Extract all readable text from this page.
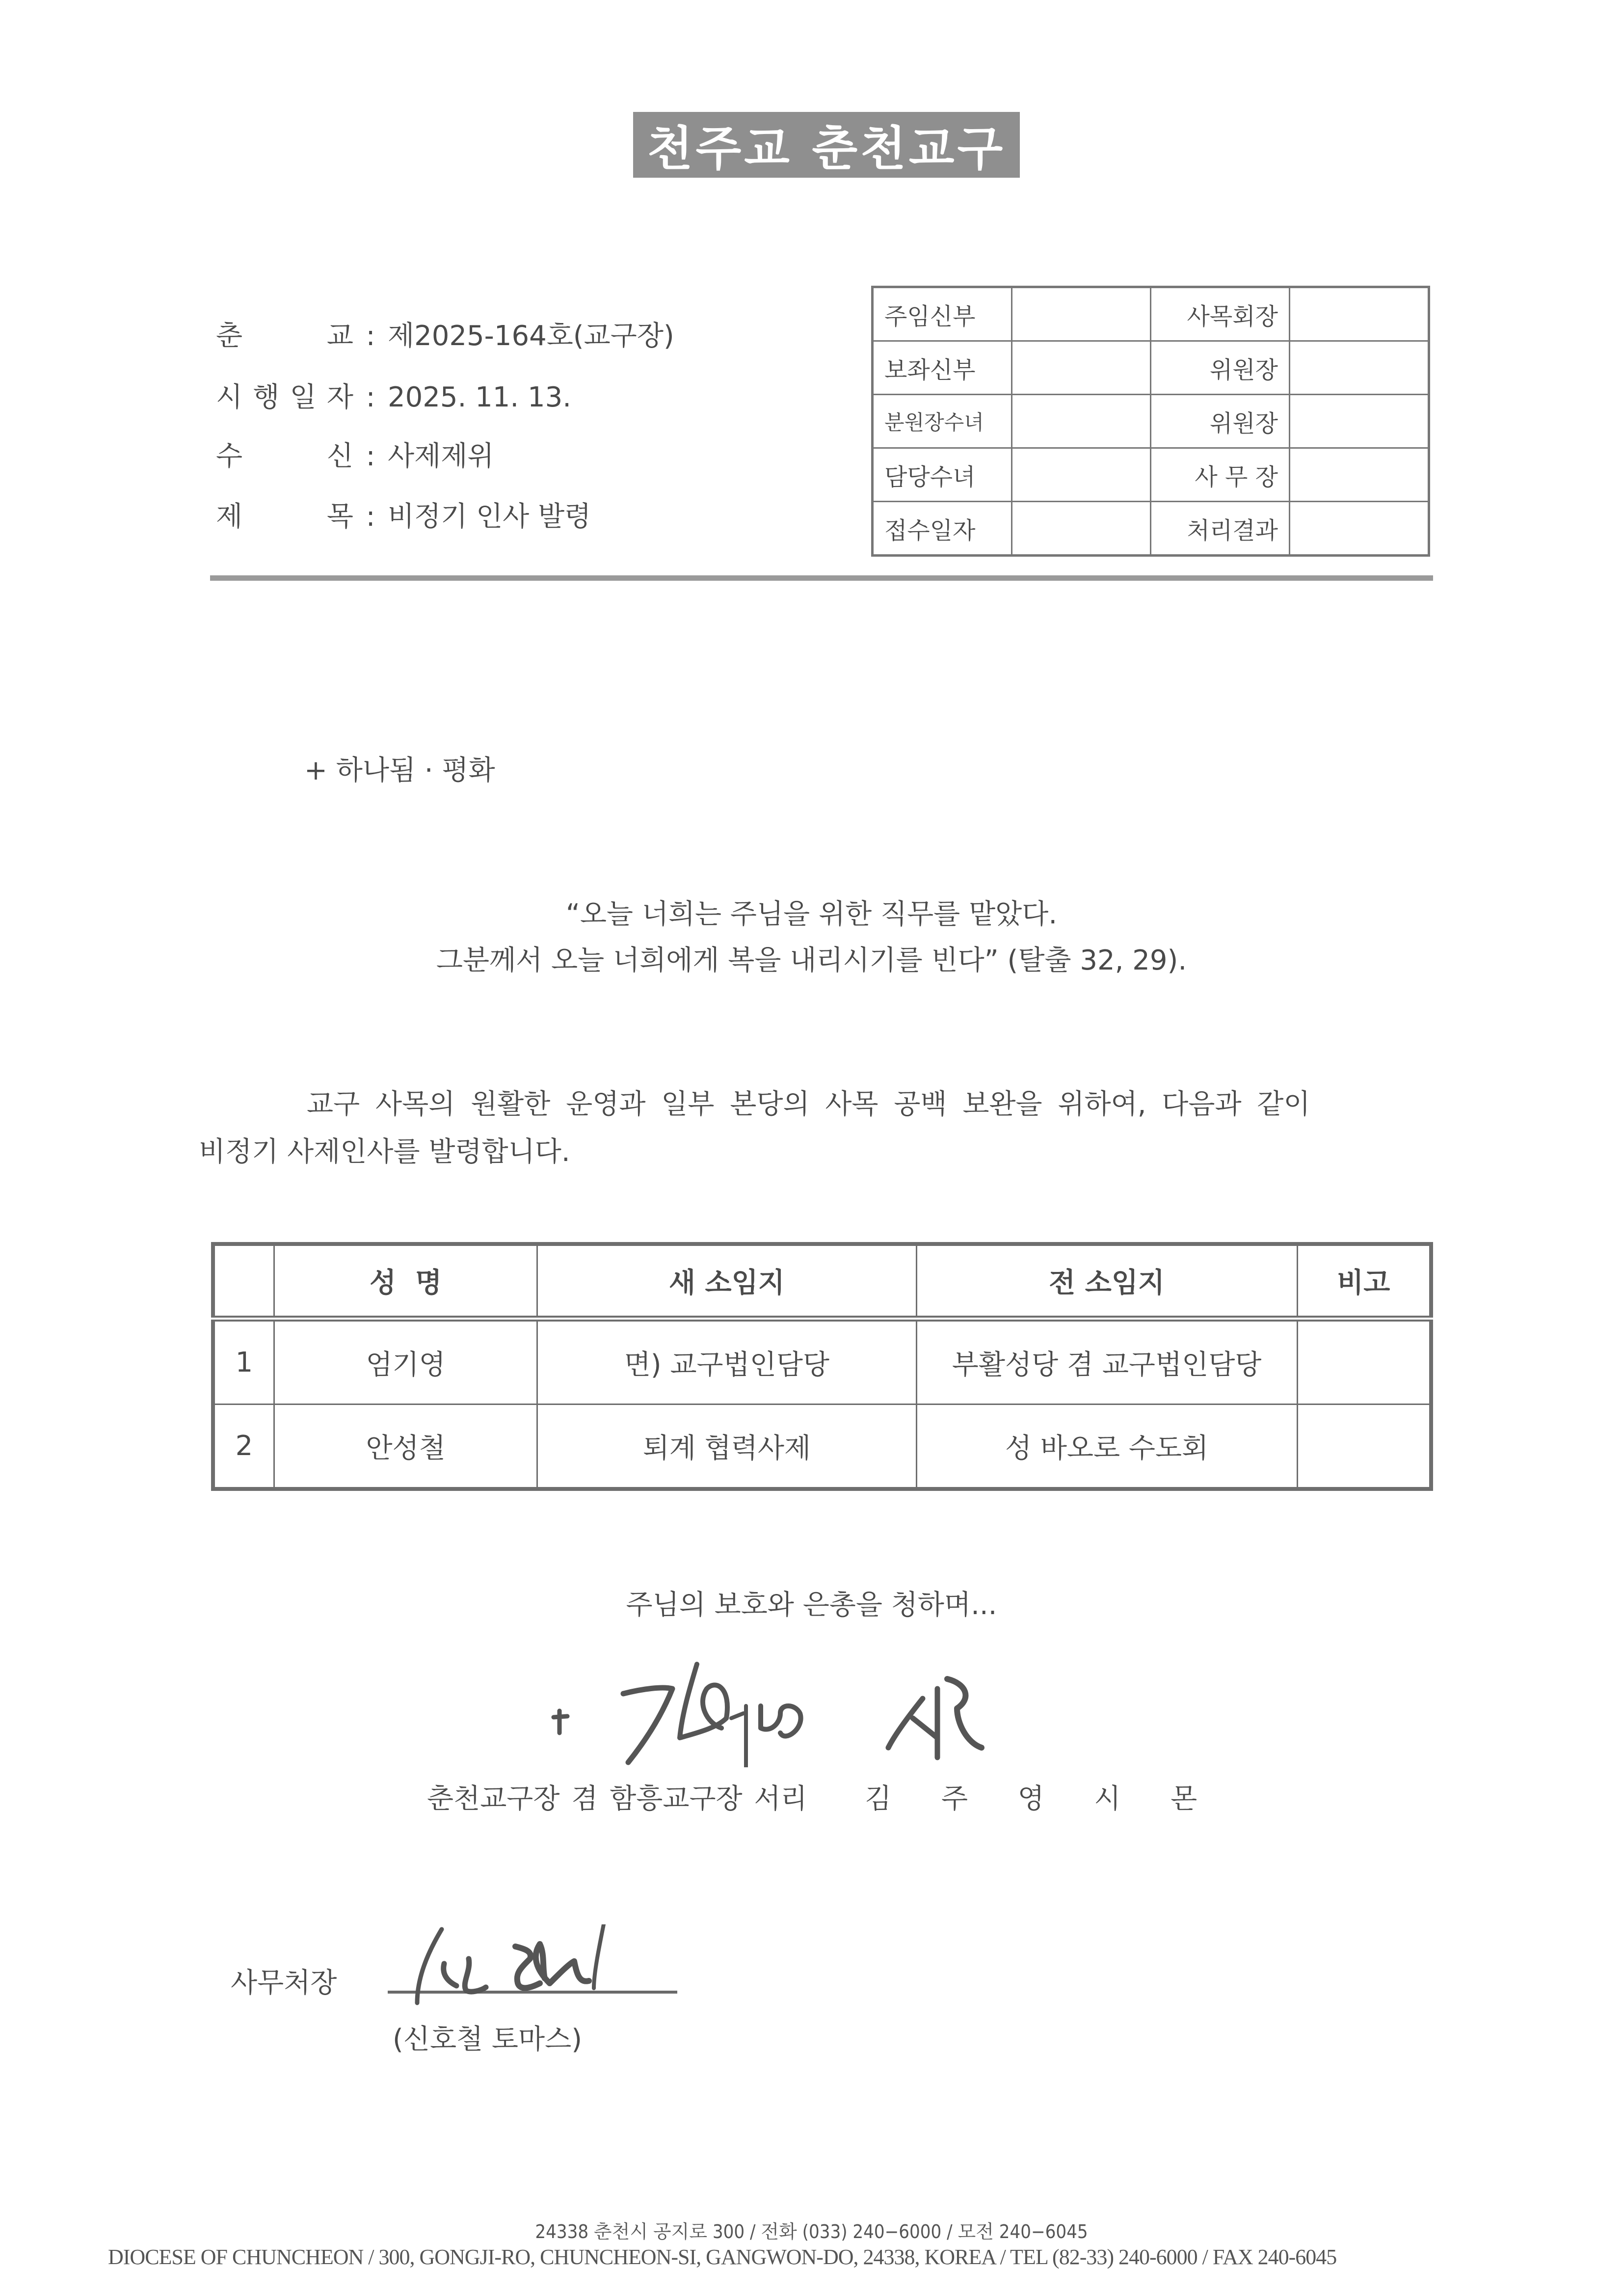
천주교 춘천교구
춘	교 : 제2025-164호(교구장)
시 행 일 자 : 2025. 11. 13.
수	신 : 사제제위
제	목 : 비정기 인사 발령
주임신부		사목회장	
보좌신부		위원장	
분원장수녀		위원장	
담당수녀		사 무 장	
접수일자		처리결과	
+ 하나됨 · 평화
“오늘 너희는 주님을 위한 직무를 맡았다.
그분께서 오늘 너희에게 복을 내리시기를 빈다” (탈출 32, 29).
교구 사목의 원활한 운영과 일부 본당의 사목 공백 보완을 위하여, 다음과 같이
비정기 사제인사를 발령합니다.
	성  명	새 소임지	전 소임지	비고
1	엄기영	면) 교구법인담당	부활성당 겸 교구법인담당	
2	안성철	퇴계 협력사제	성 바오로 수도회	
주님의 보호와 은총을 청하며...
춘천교구장 겸 함흥교구장 서리 김  주  영  시  몬
사무처장
(신호철 토마스)
24338 춘천시 공지로 300 / 전화 (033) 240−6000 / 모전 240−6045
DIOCESE OF CHUNCHEON / 300, GONGJI-RO, CHUNCHEON-SI, GANGWON-DO, 24338, KOREA / TEL (82-33) 240-6000 / FAX 240-6045
